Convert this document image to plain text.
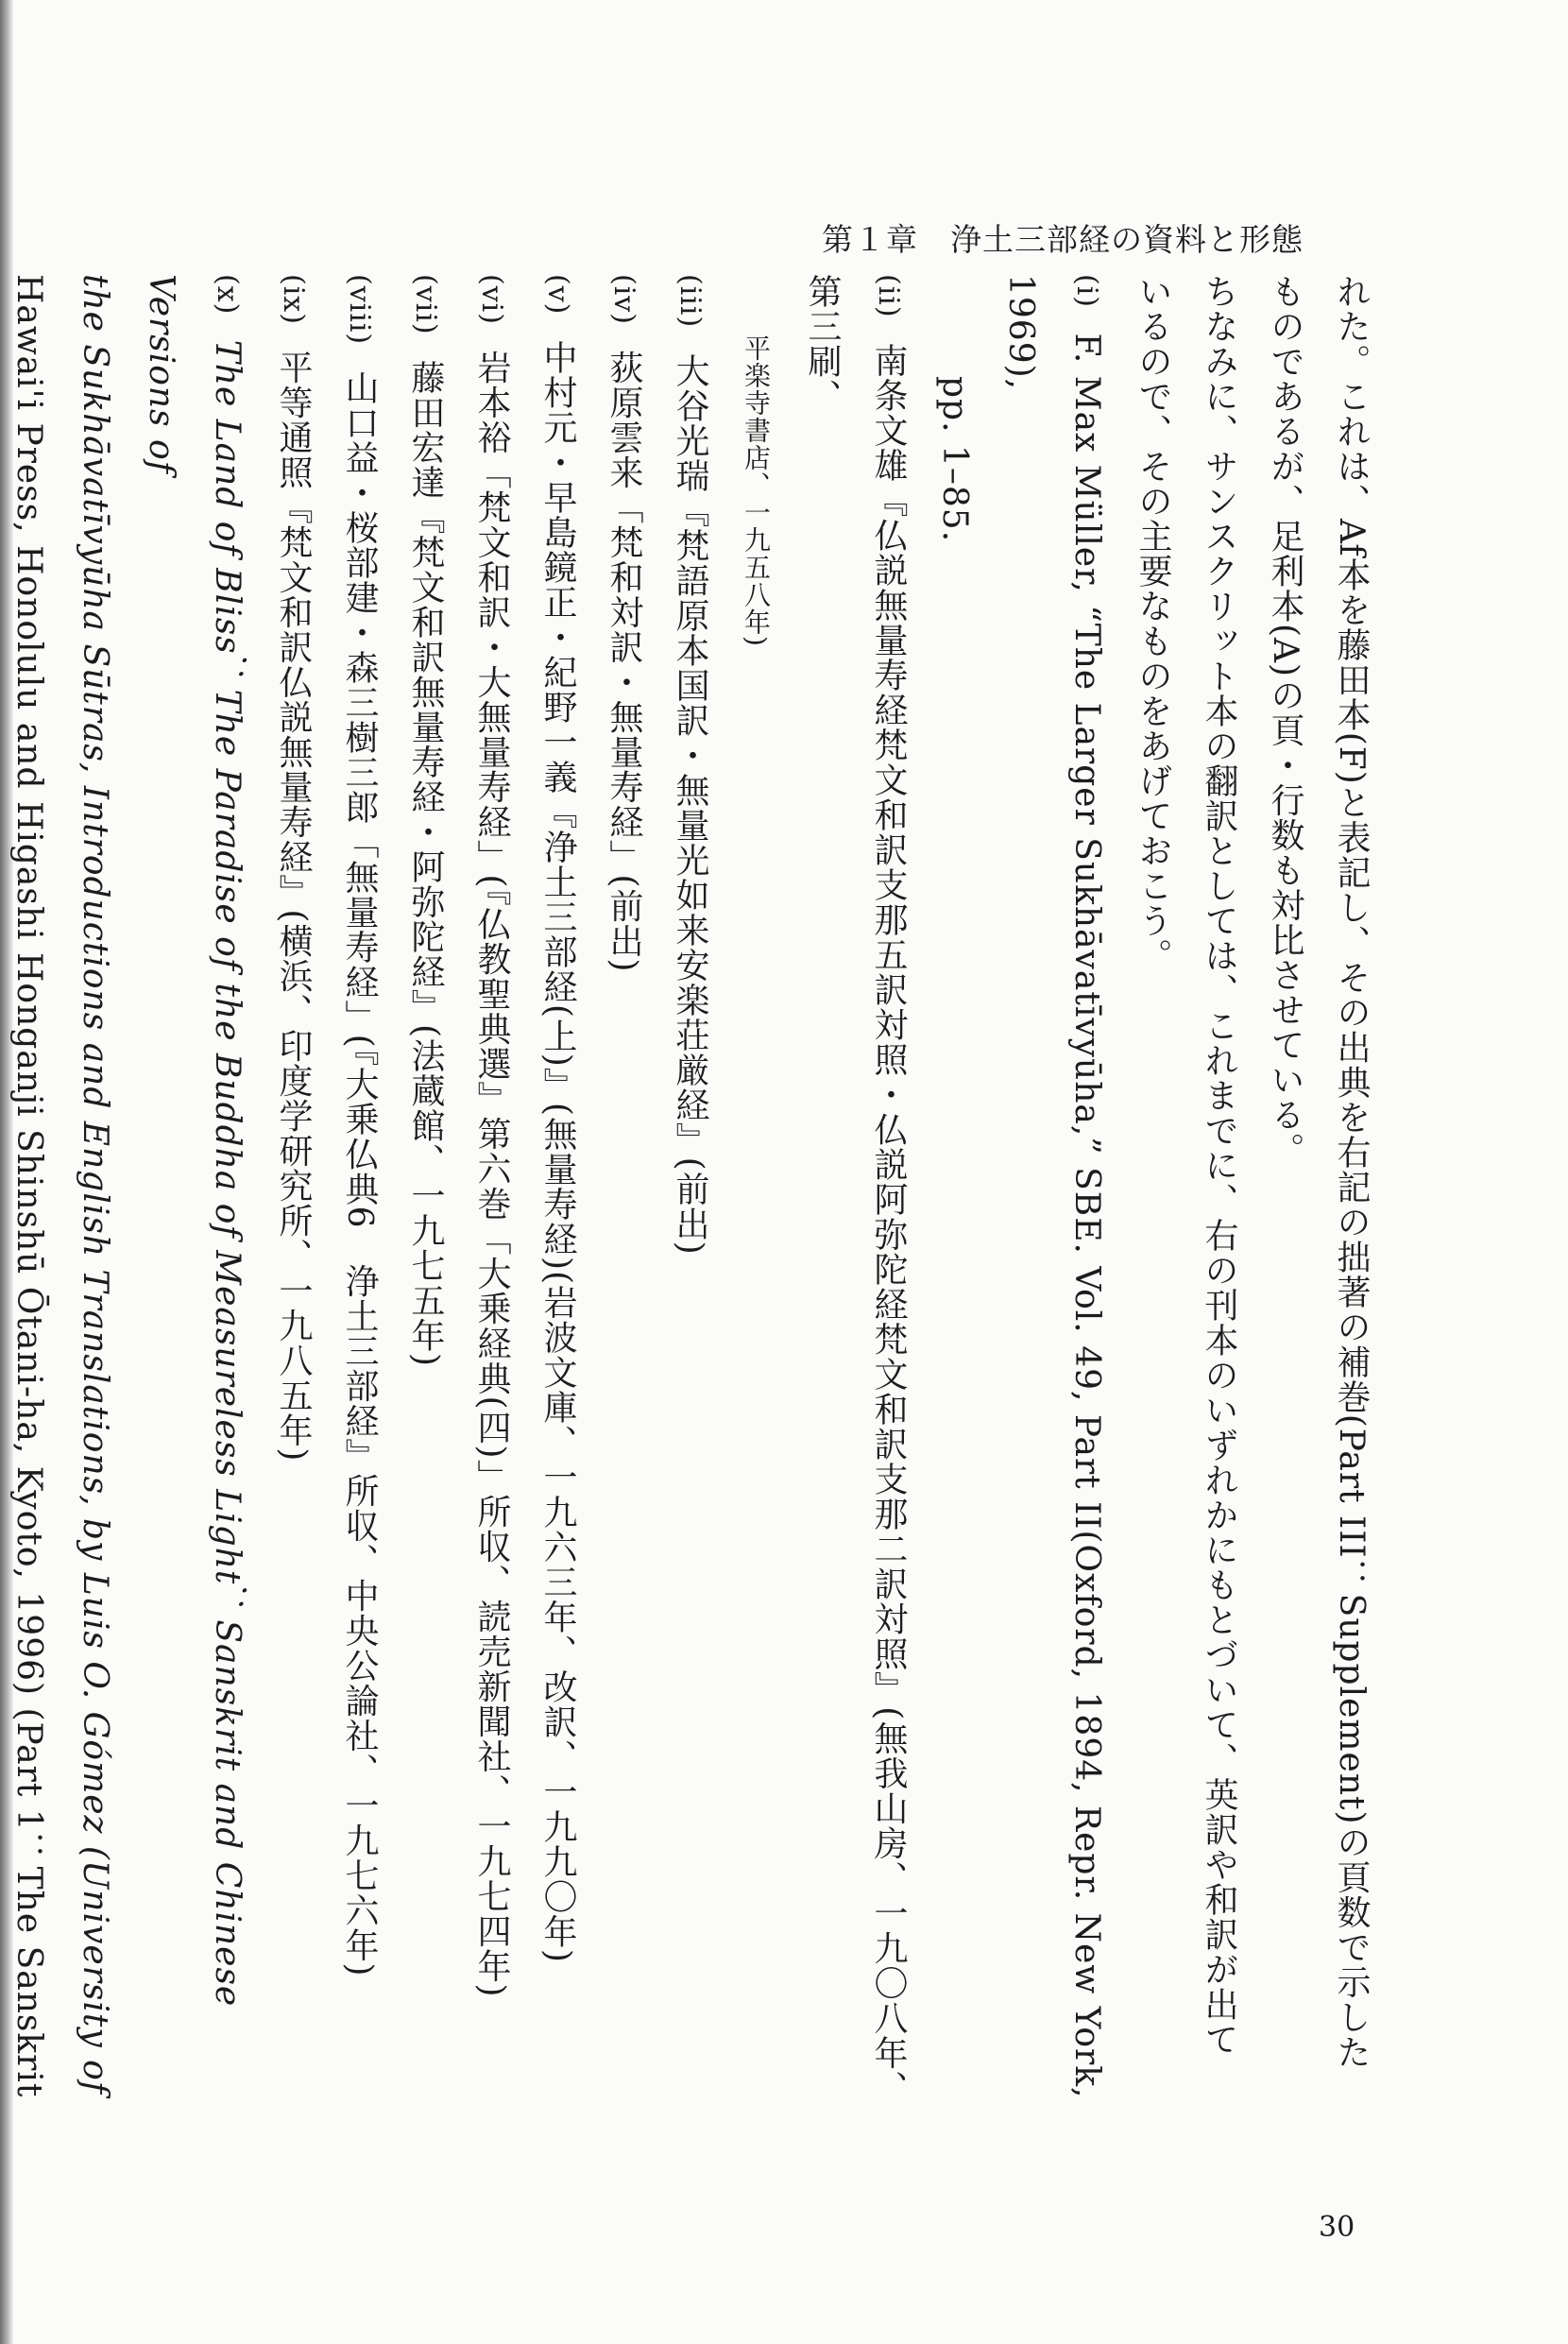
第１章　浄土三部経の資料と形態

れた。これは、Af本を藤田本(F)と表記し、その出典を右記の拙著の補巻(Part III：Supplement)の頁数で示した

ものであるが、足利本(A)の頁・行数も対比させている。

ちなみに、サンスクリット本の翻訳としては、これまでに、右の刊本のいずれかにもとづいて、英訳や和訳が出て

いるので、その主要なものをあげておこう。

(i) F. Max Müller, “The Larger Sukhāvatīvyūha,” SBE. Vol. 49, Part II(Oxford, 1894, Repr. New York, 1969),

pp. 1–85.

(ii) 南条文雄『仏説無量寿経梵文和訳支那五訳対照・仏説阿弥陀経梵文和訳支那二訳対照』(無我山房、一九〇八年、第三刷、

平楽寺書店、一九五八年)

(iii) 大谷光瑞『梵語原本国訳・無量光如来安楽荘厳経』(前出)

(iv) 荻原雲来「梵和対訳・無量寿経」(前出)

(v) 中村元・早島鏡正・紀野一義『浄土三部経(上)』(無量寿経)(岩波文庫、一九六三年、改訳、一九九〇年)

(vi) 岩本裕「梵文和訳・大無量寿経」(『仏教聖典選』第六巻「大乗経典(四)」所収、読売新聞社、一九七四年)

(vii) 藤田宏達『梵文和訳無量寿経・阿弥陀経』(法蔵館、一九七五年)

(viii) 山口益・桜部建・森三樹三郎「無量寿経」(『大乗仏典6　浄土三部経』所収、中央公論社、一九七六年)

(ix) 平等通照『梵文和訳仏説無量寿経』(横浜、印度学研究所、一九八五年)

(x) The Land of Bliss：The Paradise of the Buddha of Measureless Light：Sanskrit and Chinese Versions of

the Sukhāvatīvyūha Sūtras, Introductions and English Translations, by Luis O. Gómez (University of

Hawai'i Press, Honolulu and Higashi Honganji Shinshū Ōtani-ha, Kyoto, 1996) (Part 1：The Sanskrit

30
